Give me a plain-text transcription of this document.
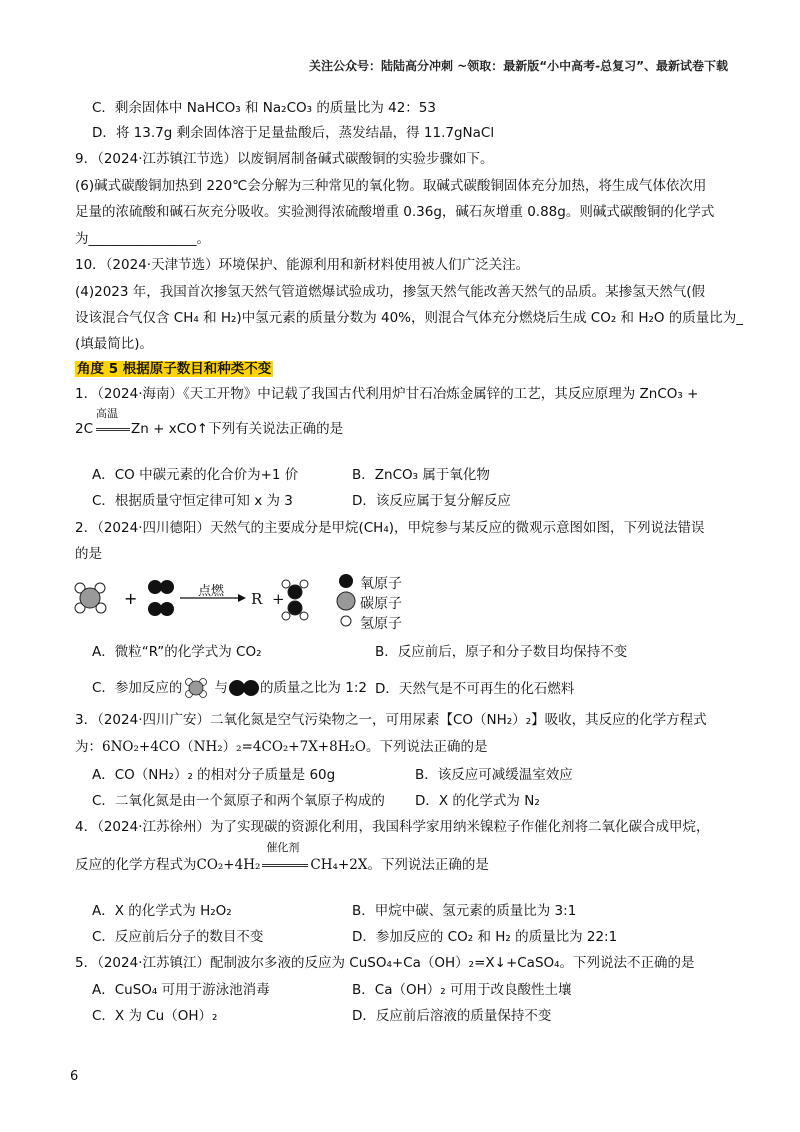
关注公众号：陆陆高分冲刺 ~领取：最新版“小中高考-总复习”、最新试卷下载
C．剩余固体中 NaHCO₃ 和 Na₂CO₃ 的质量比为 42：53
D．将 13.7g 剩余固体溶于足量盐酸后，蒸发结晶，得 11.7gNaCl
9．（2024·江苏镇江节选）以废铜屑制备碱式碳酸铜的实验步骤如下。
(6)碱式碳酸铜加热到 220℃会分解为三种常见的氧化物。取碱式碳酸铜固体充分加热，将生成气体依次用
足量的浓硫酸和碱石灰充分吸收。实验测得浓硫酸增重 0.36g，碱石灰增重 0.88g。则碱式碳酸铜的化学式
为________________。
10．（2024·天津节选）环境保护、能源利用和新材料使用被人们广泛关注。
(4)2023 年，我国首次掺氢天然气管道燃爆试验成功，掺氢天然气能改善天然气的品质。某掺氢天然气(假
设该混合气仅含 CH₄ 和 H₂)中氢元素的质量分数为 40%，则混合气体充分燃烧后生成 CO₂ 和 H₂O 的质量比为_
(填最简比)。
角度 5 根据原子数目和种类不变
1．（2024·海南）《天工开物》中记载了我国古代利用炉甘石冶炼金属锌的工艺，其反应原理为 ZnCO₃ +
2C
高温
Zn + xCO↑下列有关说法正确的是
A．CO 中碳元素的化合价为+1 价	B．ZnCO₃ 属于氧化物
C．根据质量守恒定律可知 x 为 3	D．该反应属于复分解反应
2．（2024·四川德阳）天然气的主要成分是甲烷(CH₄)，甲烷参与某反应的微观示意图如图，下列说法错误
的是
+	点燃 R +
氧原子
碳原子
氢原子
A．微粒“R”的化学式为 CO₂	B．反应前后，原子和分子数目均保持不变
C．参加反应的 与 的质量之比为 1:2 D．天然气是不可再生的化石燃料
3．（2024·四川广安）二氧化氮是空气污染物之一，可用尿素【CO（NH₂）₂】吸收，其反应的化学方程式
为：6NO₂+4CO（NH₂）₂=4CO₂+7X+8H₂O。下列说法正确的是
A．CO（NH₂）₂ 的相对分子质量是 60g	B．该反应可减缓温室效应
C．二氧化氮是由一个氮原子和两个氧原子构成的 D．X 的化学式为 N₂
4．（2024·江苏徐州）为了实现碳的资源化利用，我国科学家用纳米镍粒子作催化剂将二氧化碳合成甲烷，
反应的化学方程式为CO₂+4H₂
催化剂
CH₄+2X。下列说法正确的是
A．X 的化学式为 H₂O₂	B．甲烷中碳、氢元素的质量比为 3:1
C．反应前后分子的数目不变	D．参加反应的 CO₂ 和 H₂ 的质量比为 22:1
5．（2024·江苏镇江）配制波尔多液的反应为 CuSO₄+Ca（OH）₂=X↓+CaSO₄。下列说法不正确的是
A．CuSO₄ 可用于游泳池消毒	B．Ca（OH）₂ 可用于改良酸性土壤
C．X 为 Cu（OH）₂	D．反应前后溶液的质量保持不变
6
